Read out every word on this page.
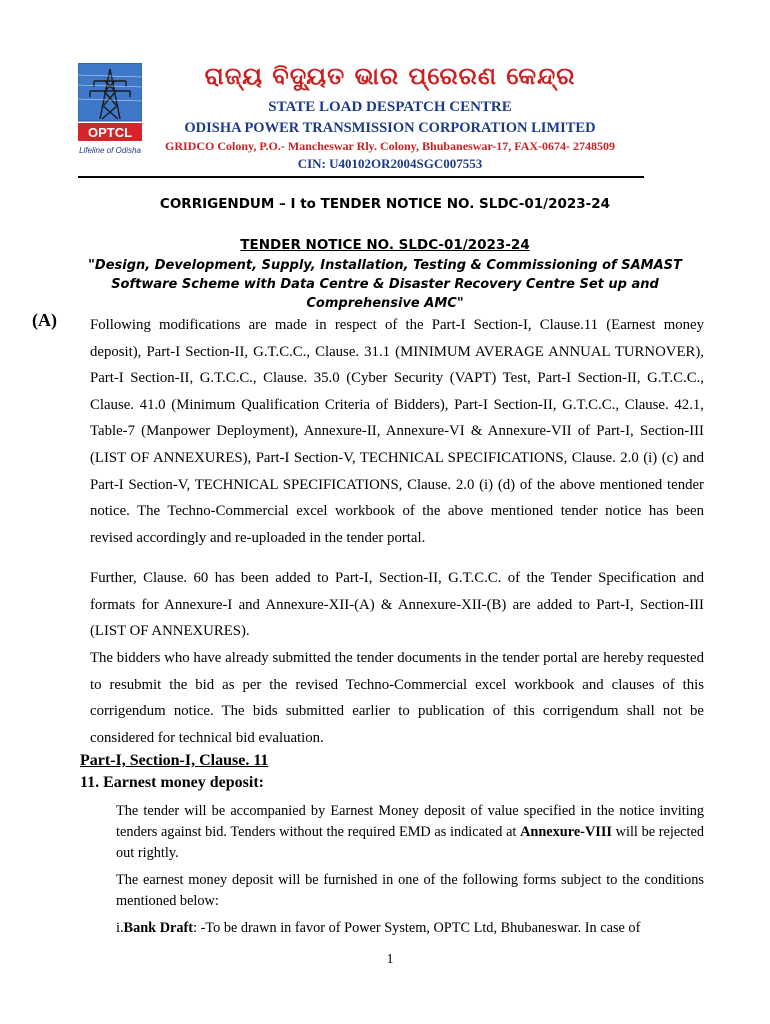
OPTCL
Lifeline of Odisha
ରାଜ୍ୟ ବିଦ୍ୟୁତ ଭାର ପ୍ରେରଣ କେନ୍ଦ୍ର
STATE LOAD DESPATCH CENTRE
ODISHA POWER TRANSMISSION CORPORATION LIMITED
GRIDCO Colony, P.O.- Mancheswar Rly. Colony, Bhubaneswar-17, FAX-0674- 2748509
CIN: U40102OR2004SGC007553
CORRIGENDUM – I to TENDER NOTICE NO. SLDC-01/2023-24
TENDER NOTICE NO. SLDC-01/2023-24
"Design, Development, Supply, Installation, Testing & Commissioning of SAMAST Software Scheme with Data Centre & Disaster Recovery Centre Set up and Comprehensive AMC"
(A) Following modifications are made in respect of the Part-I Section-I, Clause.11 (Earnest money deposit), Part-I Section-II, G.T.C.C., Clause. 31.1 (MINIMUM AVERAGE ANNUAL TURNOVER), Part-I Section-II, G.T.C.C., Clause. 35.0 (Cyber Security (VAPT) Test, Part-I Section-II, G.T.C.C., Clause. 41.0 (Minimum Qualification Criteria of Bidders), Part-I Section-II, G.T.C.C., Clause. 42.1, Table-7 (Manpower Deployment), Annexure-II, Annexure-VI & Annexure-VII of Part-I, Section-III (LIST OF ANNEXURES), Part-I Section-V, TECHNICAL SPECIFICATIONS, Clause. 2.0 (i) (c) and Part-I Section-V, TECHNICAL SPECIFICATIONS, Clause. 2.0 (i) (d) of the above mentioned tender notice. The Techno-Commercial excel workbook of the above mentioned tender notice has been revised accordingly and re-uploaded in the tender portal.
Further, Clause. 60 has been added to Part-I, Section-II, G.T.C.C. of the Tender Specification and formats for Annexure-I and Annexure-XII-(A) & Annexure-XII-(B) are added to Part-I, Section-III (LIST OF ANNEXURES).
The bidders who have already submitted the tender documents in the tender portal are hereby requested to resubmit the bid as per the revised Techno-Commercial excel workbook and clauses of this corrigendum notice. The bids submitted earlier to publication of this corrigendum shall not be considered for technical bid evaluation.
Part-I, Section-I, Clause. 11
11. Earnest money deposit:
The tender will be accompanied by Earnest Money deposit of value specified in the notice inviting tenders against bid. Tenders without the required EMD as indicated at Annexure-VIII will be rejected out rightly.
The earnest money deposit will be furnished in one of the following forms subject to the conditions mentioned below:
i.Bank Draft: -To be drawn in favor of Power System, OPTC Ltd, Bhubaneswar. In case of
1
